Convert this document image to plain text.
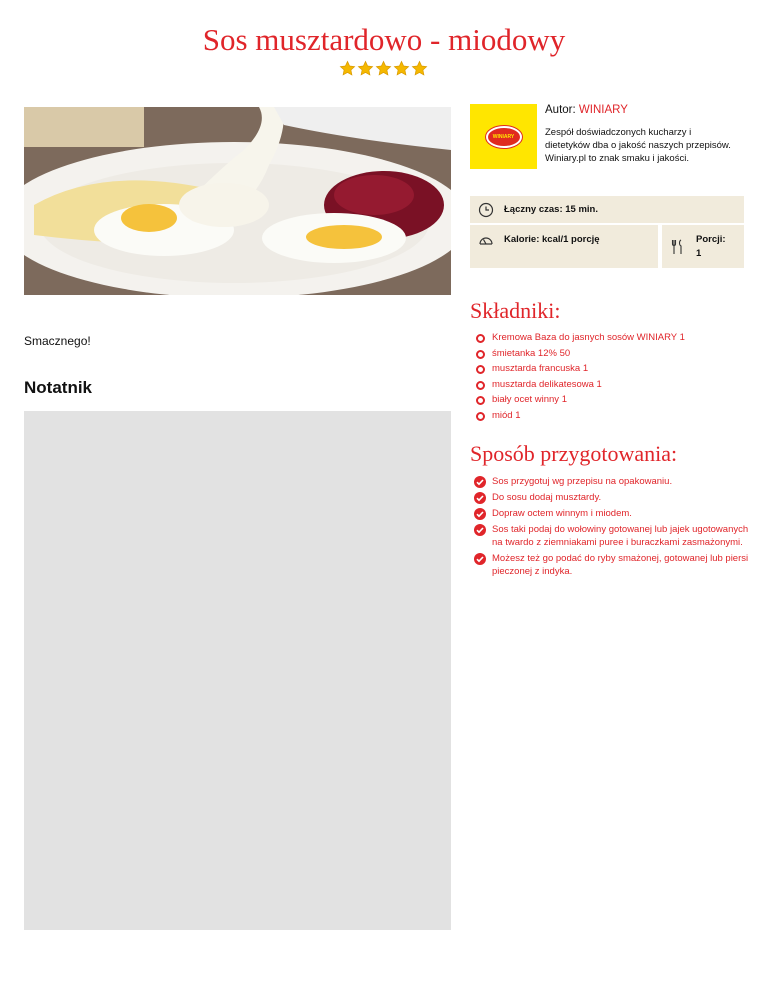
Sos musztardowo - miodowy
Smacznego!
Notatnik
WINIARY
Autor: WINIARY
Zespół doświadczonych kucharzy i dietetyków dba o jakość naszych przepisów. Winiary.pl to znak smaku i jakości.
Łączny czas: 15 min.
Kalorie: kcal/1 porcję	Porcji:
1
Składniki:
Kremowa Baza do jasnych sosów WINIARY 1
śmietanka 12% 50
musztarda francuska 1
musztarda delikatesowa 1
biały ocet winny 1
miód 1
Sposób przygotowania:
Sos przygotuj wg przepisu na opakowaniu.
Do sosu dodaj musztardy.
Dopraw octem winnym i miodem.
Sos taki podaj do wołowiny gotowanej lub jajek ugotowanych na twardo z ziemniakami puree i buraczkami zasmażonymi.
Możesz też go podać do ryby smażonej, gotowanej lub piersi pieczonej z indyka.
